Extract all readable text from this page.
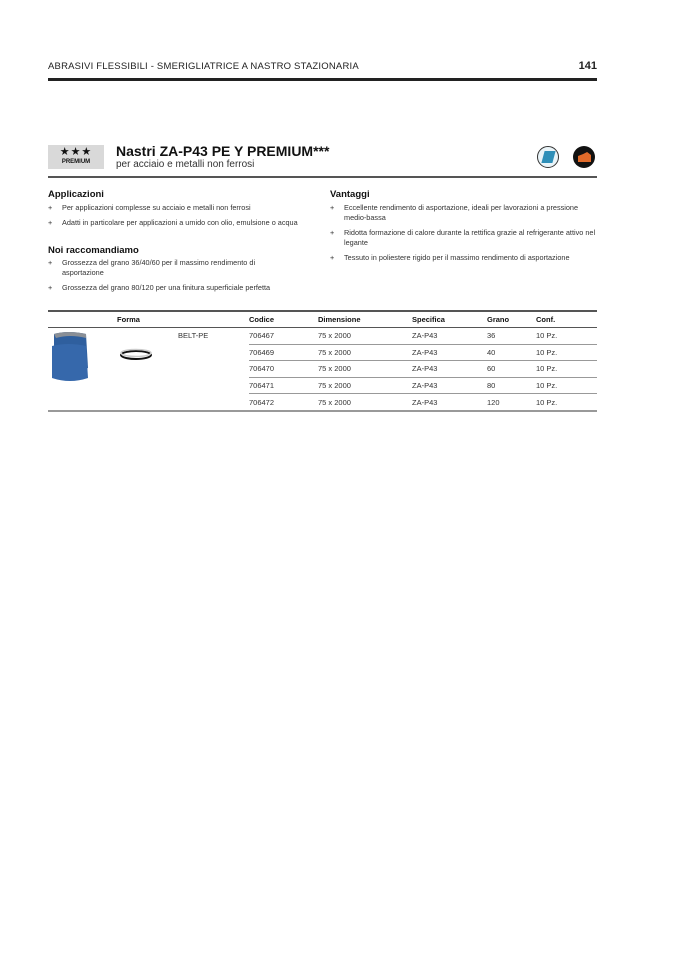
ABRASIVI FLESSIBILI - SMERIGLIATRICE A NASTRO STAZIONARIA	141
★★★
PREMIUM
Nastri ZA-P43 PE Y PREMIUM***
per acciaio e metalli non ferrosi
Applicazioni
+ Per applicazioni complesse su acciaio e metalli non ferrosi
+ Adatti in particolare per applicazioni a umido con olio, emulsione o acqua
Noi raccomandiamo
+ Grossezza del grano 36/40/60 per il massimo rendimento di asportazione
+ Grossezza del grano 80/120 per una finitura superficiale perfetta
Vantaggi
+ Eccellente rendimento di asportazione, ideali per lavorazioni a pressione medio-bassa
+ Ridotta formazione di calore durante la rettifica grazie al refrigerante attivo nel legante
+ Tessuto in poliestere rigido per il massimo rendimento di asportazione
Forma		Codice	Dimensione	Specifica	Grano	Conf.
	BELT-PE	706467	75 x 2000	ZA-P43	36	10 Pz.
		706469	75 x 2000	ZA-P43	40	10 Pz.
		706470	75 x 2000	ZA-P43	60	10 Pz.
		706471	75 x 2000	ZA-P43	80	10 Pz.
		706472	75 x 2000	ZA-P43	120	10 Pz.
